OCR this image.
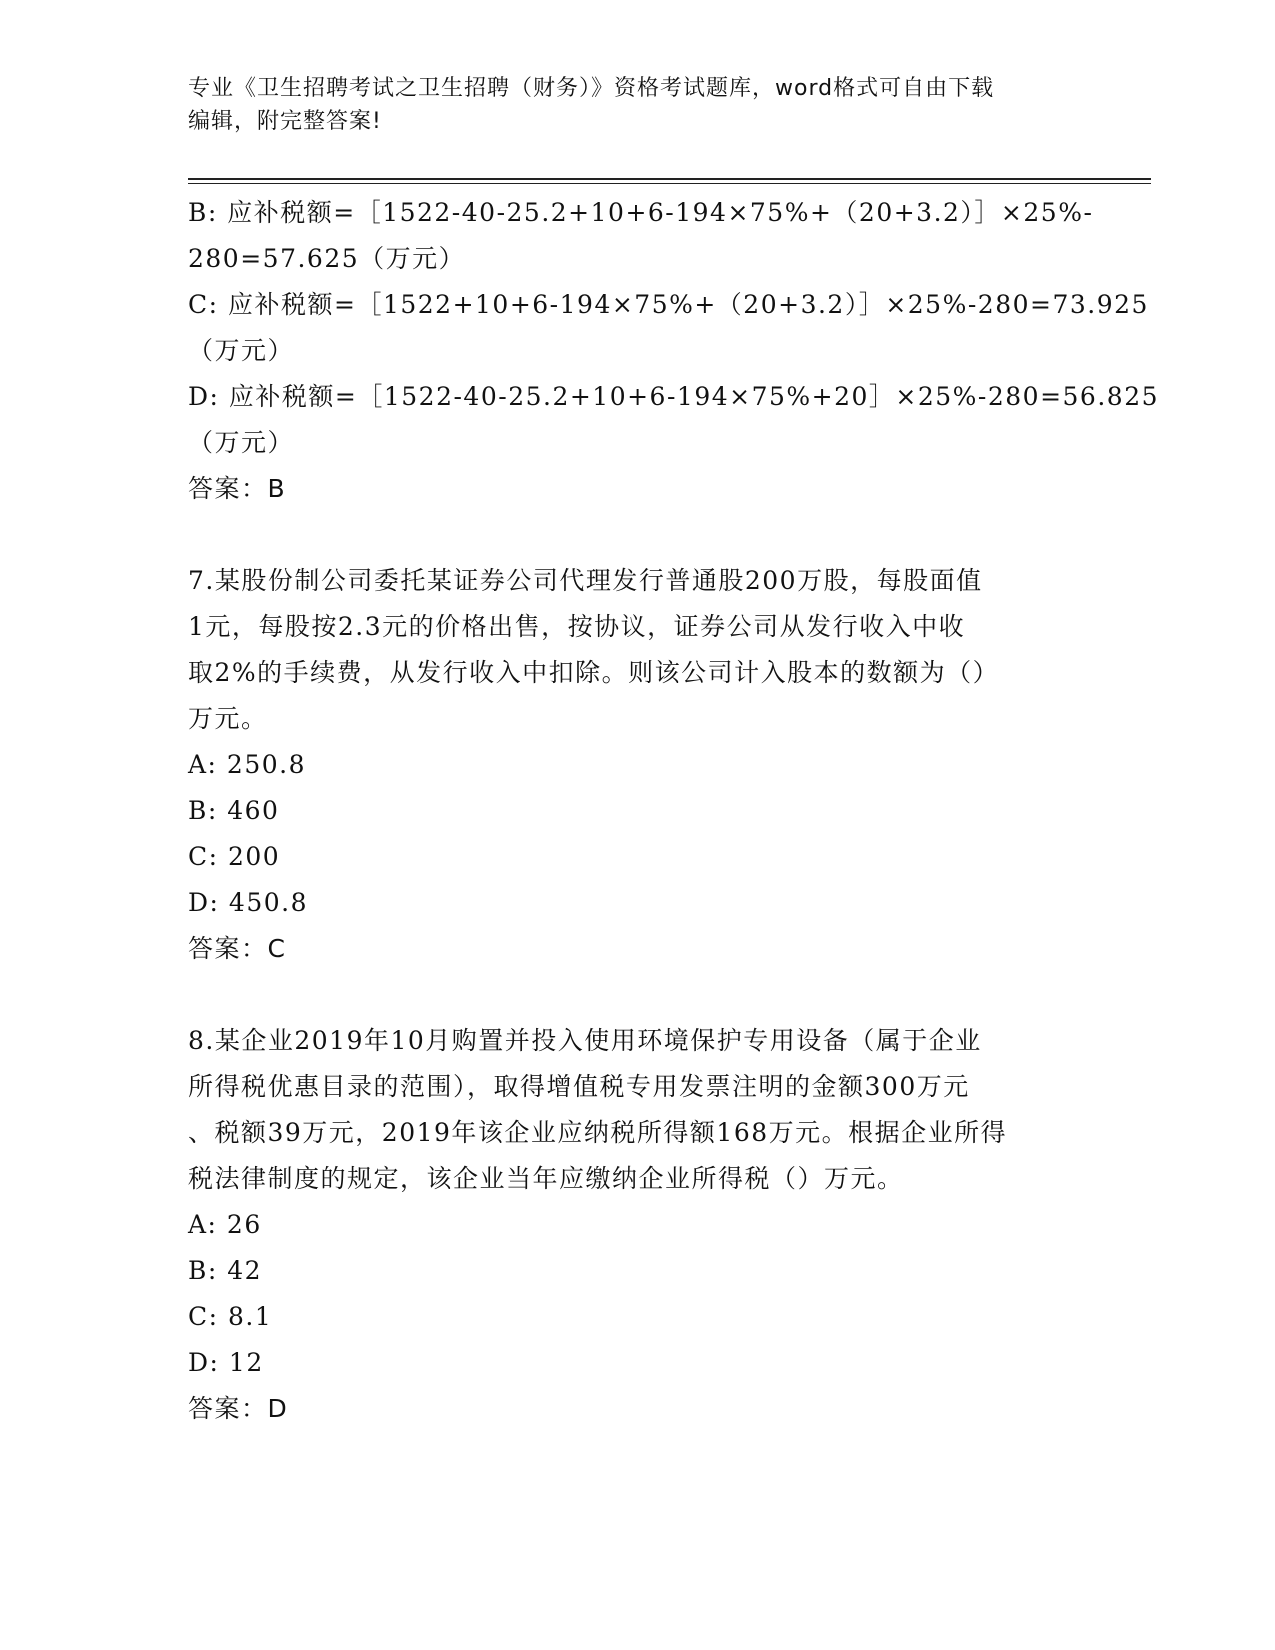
专业《卫生招聘考试之卫生招聘（财务）》资格考试题库，word格式可自由下载
编辑，附完整答案!
B: 应补税额=［1522-40-25.2+10+6-194×75%+（20+3.2）］×25%-
280=57.625（万元）
C: 应补税额=［1522+10+6-194×75%+（20+3.2）］×25%-280=73.925
（万元）
D: 应补税额=［1522-40-25.2+10+6-194×75%+20］×25%-280=56.825
（万元）
答案：B
7.某股份制公司委托某证券公司代理发行普通股200万股，每股面值
1元，每股按2.3元的价格出售，按协议，证券公司从发行收入中收
取2%的手续费，从发行收入中扣除。则该公司计入股本的数额为（）
万元。
A: 250.8
B: 460
C: 200
D: 450.8
答案：C
8.某企业2019年10月购置并投入使用环境保护专用设备（属于企业
所得税优惠目录的范围），取得增值税专用发票注明的金额300万元
、税额39万元，2019年该企业应纳税所得额168万元。根据企业所得
税法律制度的规定，该企业当年应缴纳企业所得税（）万元。
A: 26
B: 42
C: 8.1
D: 12
答案：D
